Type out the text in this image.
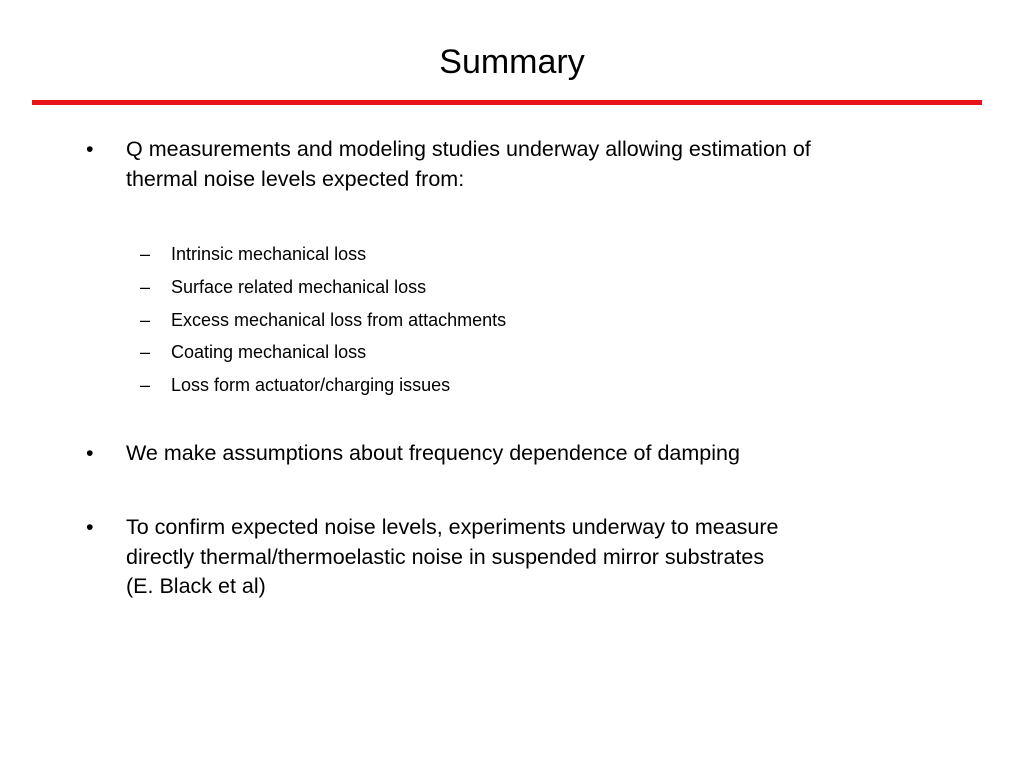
Summary
• Q measurements and modeling studies underway allowing estimation of
thermal noise levels expected from:
– Intrinsic mechanical loss
– Surface related mechanical loss
– Excess mechanical loss from attachments
– Coating mechanical loss
– Loss form actuator/charging issues
• We make assumptions about frequency dependence of damping
• To confirm expected noise levels, experiments underway to measure
directly thermal/thermoelastic noise in suspended mirror substrates
(E. Black et al)
